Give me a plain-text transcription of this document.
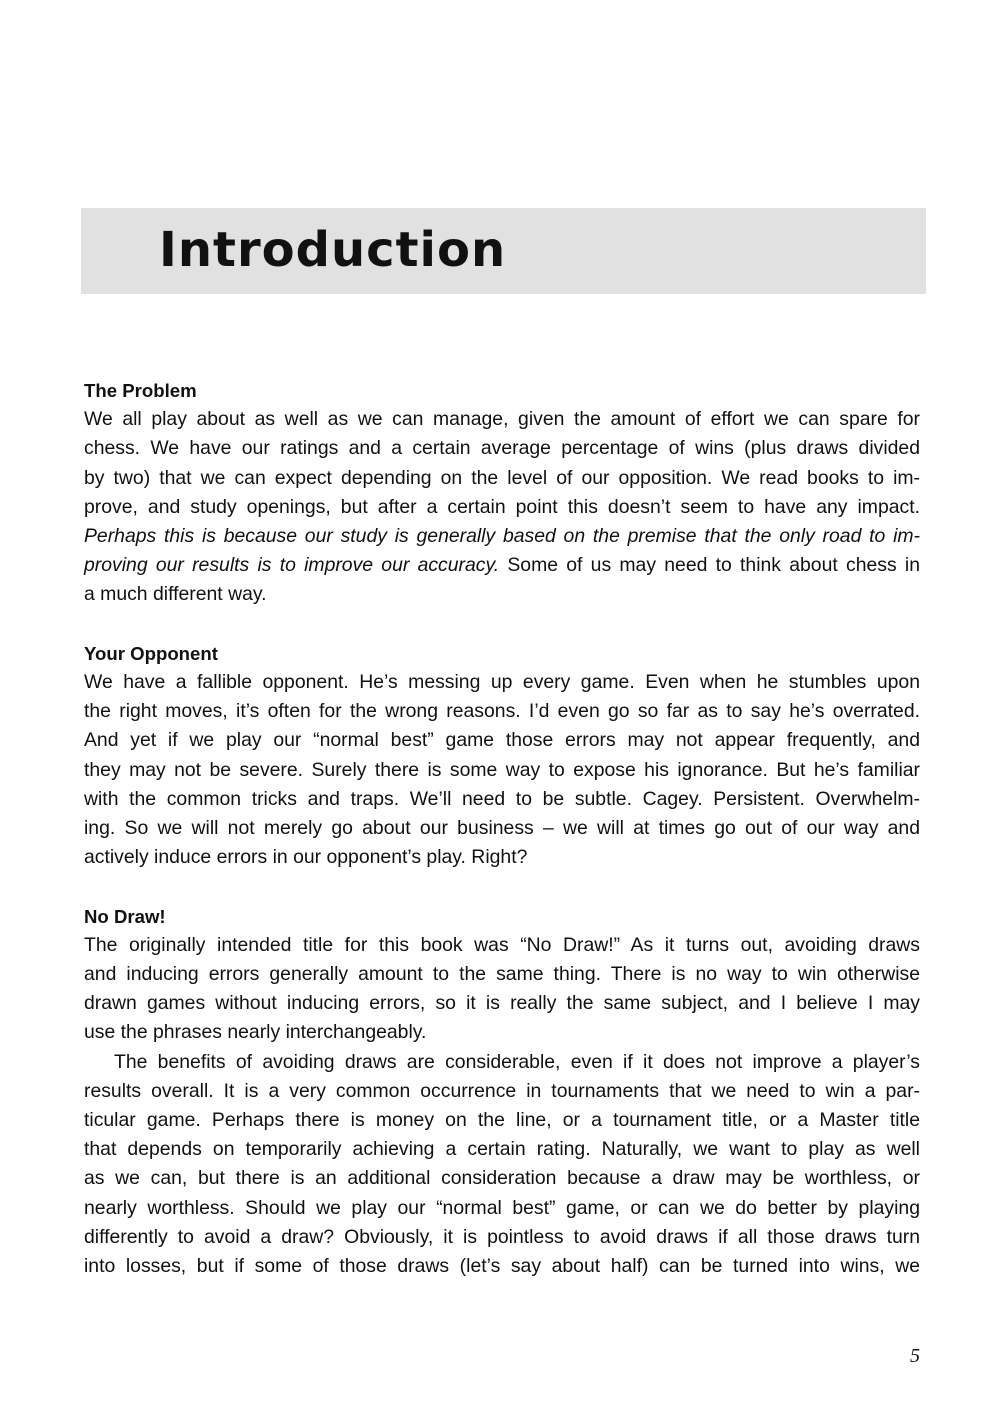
Introduction
The Problem

We all play about as well as we can manage, given the amount of effort we can spare for
chess. We have our ratings and a certain average percentage of wins (plus draws divided
by two) that we can expect depending on the level of our opposition. We read books to im-
prove, and study openings, but after a certain point this doesn’t seem to have any impact.
Perhaps this is because our study is generally based on the premise that the only road to im-
proving our results is to improve our accuracy. Some of us may need to think about chess in
a much different way.

Your Opponent

We have a fallible opponent. He’s messing up every game. Even when he stumbles upon
the right moves, it’s often for the wrong reasons. I’d even go so far as to say he’s overrated.
And yet if we play our “normal best” game those errors may not appear frequently, and
they may not be severe. Surely there is some way to expose his ignorance. But he’s familiar
with the common tricks and traps. We’ll need to be subtle. Cagey. Persistent. Overwhelm-
ing. So we will not merely go about our business – we will at times go out of our way and
actively induce errors in our opponent’s play. Right?

No Draw!

The originally intended title for this book was “No Draw!” As it turns out, avoiding draws
and inducing errors generally amount to the same thing. There is no way to win otherwise
drawn games without inducing errors, so it is really the same subject, and I believe I may
use the phrases nearly interchangeably.

The benefits of avoiding draws are considerable, even if it does not improve a player’s
results overall. It is a very common occurrence in tournaments that we need to win a par-
ticular game. Perhaps there is money on the line, or a tournament title, or a Master title
that depends on temporarily achieving a certain rating. Naturally, we want to play as well
as we can, but there is an additional consideration because a draw may be worthless, or
nearly worthless. Should we play our “normal best” game, or can we do better by playing
differently to avoid a draw? Obviously, it is pointless to avoid draws if all those draws turn
into losses, but if some of those draws (let’s say about half) can be turned into wins, we

5
